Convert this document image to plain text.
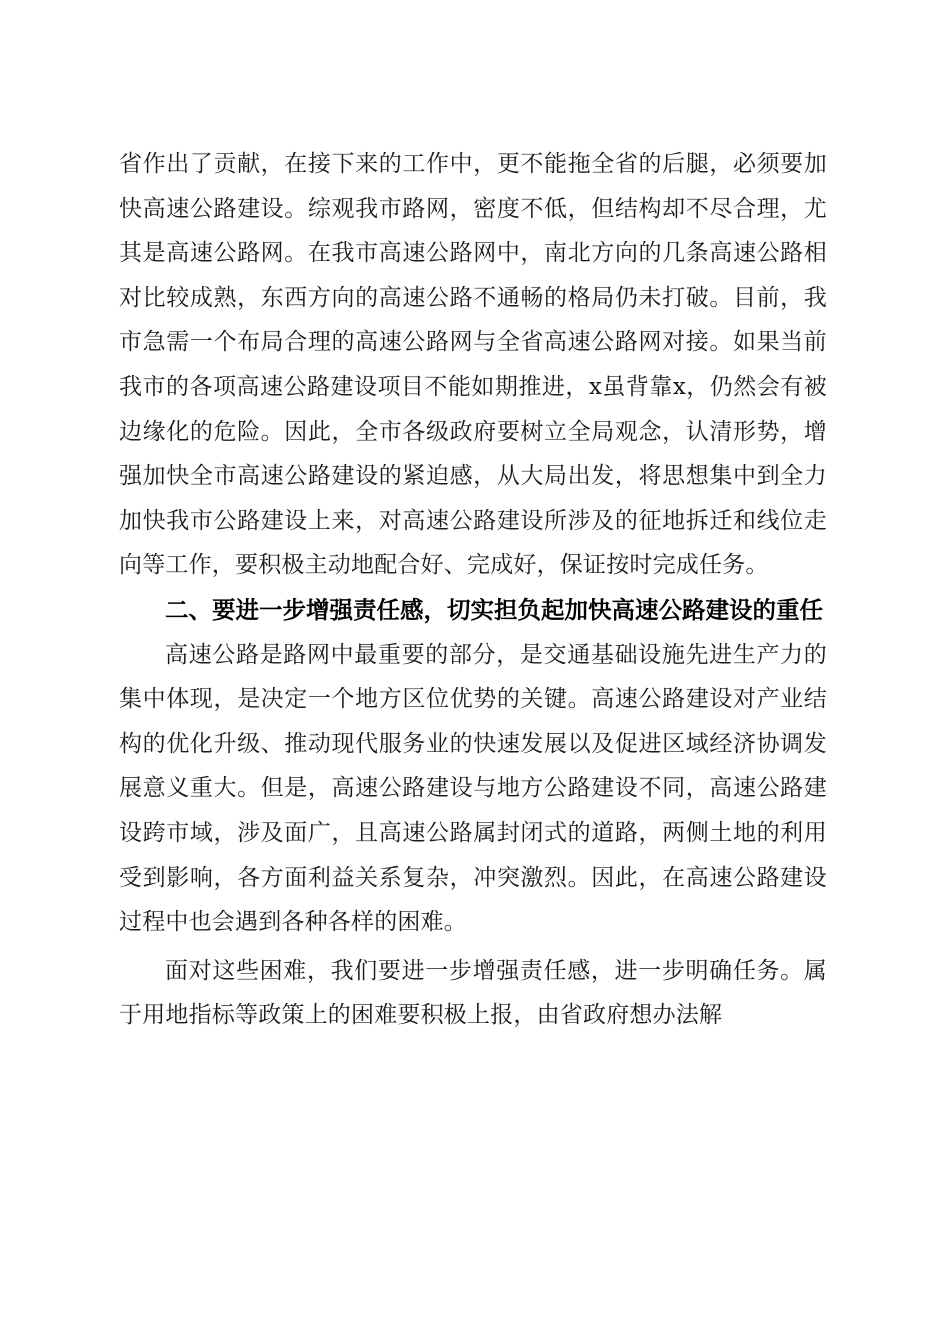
省作出了贡献，在接下来的工作中，更不能拖全省的后腿，必须要加快高速公路建设。综观我市路网，密度不低，但结构却不尽合理，尤其是高速公路网。在我市高速公路网中，南北方向的几条高速公路相对比较成熟，东西方向的高速公路不通畅的格局仍未打破。目前，我市急需一个布局合理的高速公路网与全省高速公路网对接。如果当前我市的各项高速公路建设项目不能如期推进，x虽背靠x，仍然会有被边缘化的危险。因此，全市各级政府要树立全局观念，认清形势，增强加快全市高速公路建设的紧迫感，从大局出发，将思想集中到全力加快我市公路建设上来，对高速公路建设所涉及的征地拆迁和线位走向等工作，要积极主动地配合好、完成好，保证按时完成任务。

二、要进一步增强责任感，切实担负起加快高速公路建设的重任

高速公路是路网中最重要的部分，是交通基础设施先进生产力的集中体现，是决定一个地方区位优势的关键。高速公路建设对产业结构的优化升级、推动现代服务业的快速发展以及促进区域经济协调发展意义重大。但是，高速公路建设与地方公路建设不同，高速公路建设跨市域，涉及面广，且高速公路属封闭式的道路，两侧土地的利用受到影响，各方面利益关系复杂，冲突激烈。因此，在高速公路建设过程中也会遇到各种各样的困难。

面对这些困难，我们要进一步增强责任感，进一步明确任务。属于用地指标等政策上的困难要积极上报，由省政府想办法解
